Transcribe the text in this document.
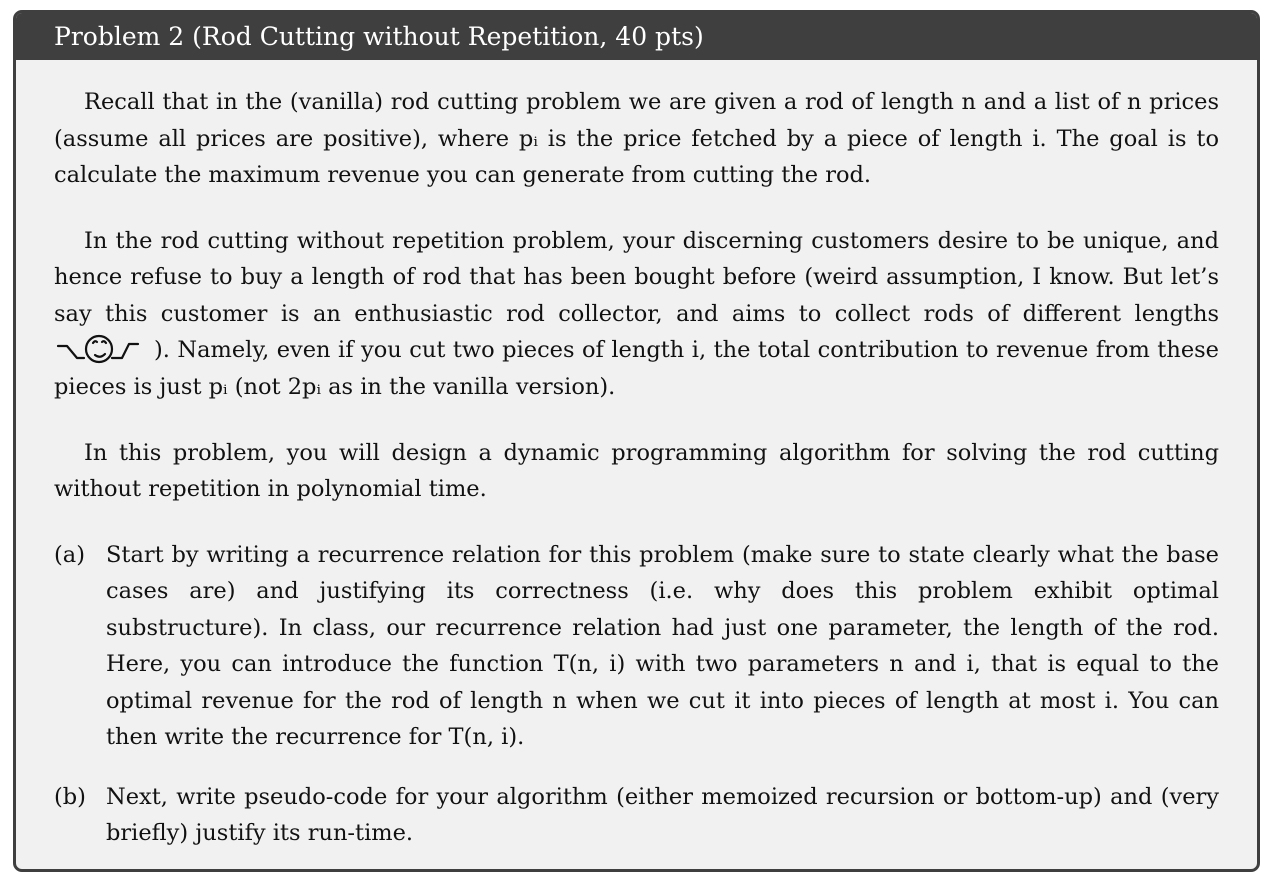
Problem 2 (Rod Cutting without Repetition, 40 pts)

Recall that in the (vanilla) rod cutting problem we are given a rod of length n and a list of n prices (assume all prices are positive), where pᵢ is the price fetched by a piece of length i. The goal is to calculate the maximum revenue you can generate from cutting the rod.

In the rod cutting without repetition problem, your discerning customers desire to be unique, and hence refuse to buy a length of rod that has been bought before (weird assumption, I know. But let’s say this customer is an enthusiastic rod collector, and aims to collect rods of different lengths ). Namely, even if you cut two pieces of length i, the total contribution to revenue from these pieces is just pᵢ (not 2pᵢ as in the vanilla version).

In this problem, you will design a dynamic programming algorithm for solving the rod cutting without repetition in polynomial time.

(a) Start by writing a recurrence relation for this problem (make sure to state clearly what the base cases are) and justifying its correctness (i.e. why does this problem exhibit optimal substructure). In class, our recurrence relation had just one parameter, the length of the rod. Here, you can introduce the function T(n, i) with two parameters n and i, that is equal to the optimal revenue for the rod of length n when we cut it into pieces of length at most i. You can then write the recurrence for T(n, i).
(b) Next, write pseudo-code for your algorithm (either memoized recursion or bottom-up) and (very briefly) justify its run-time.
